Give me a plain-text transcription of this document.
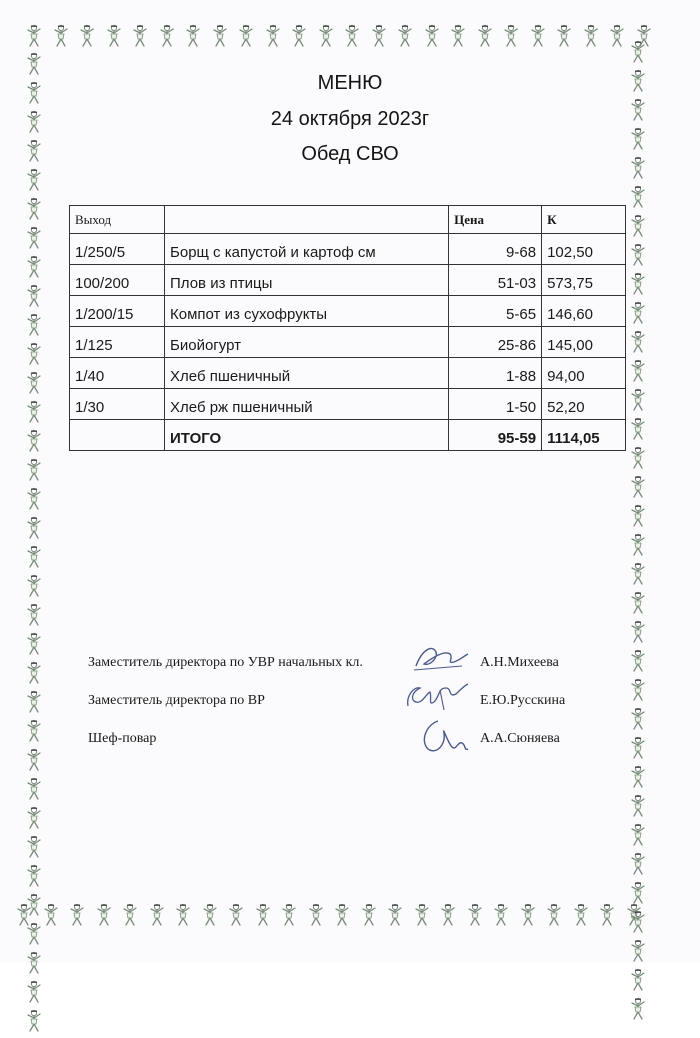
МЕНЮ
24 октября 2023г
Обед СВО
Выход		Цена	К
1/250/5	Борщ с капустой и картоф см	9-68	102,50
100/200	Плов из птицы	51-03	573,75
1/200/15	Компот из сухофрукты	5-65	146,60
1/125	Биойогурт	25-86	145,00
1/40	Хлеб пшеничный	1-88	94,00
1/30	Хлеб рж пшеничный	1-50	52,20
	ИТОГО	95-59	1114,05
Заместитель директора по УВР начальных кл.	А.Н.Михеева
Заместитель директора по ВР	Е.Ю.Русскина
Шеф-повар	А.А.Сюняева
